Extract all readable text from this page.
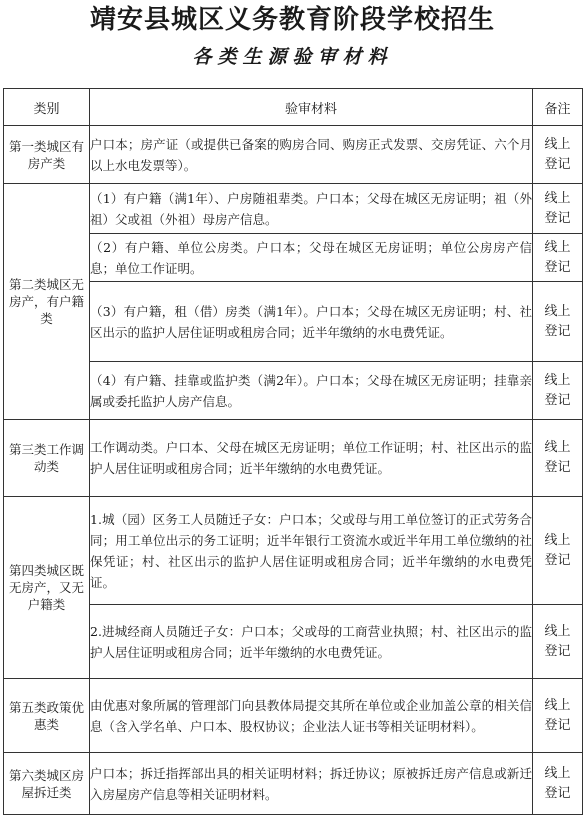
靖安县城区义务教育阶段学校招生
各类生源验审材料
类别	验审材料	备注
第一类城区有房产类	户口本；房产证（或提供已备案的购房合同、购房正式发票、交房凭证、六个月以上水电发票等）。	线上
登记

第二类城区无房产，有户籍类	（1）有户籍（满1年）、户房随祖辈类。户口本；父母在城区无房证明；祖（外祖）父或祖（外祖）母房产信息。	线上
登记

	（2）有户籍、单位公房类。户口本；父母在城区无房证明；单位公房房产信息；单位工作证明。	线上
登记

	（3）有户籍，租（借）房类（满1年）。户口本；父母在城区无房证明；村、社区出示的监护人居住证明或租房合同；近半年缴纳的水电费凭证。	线上
登记

	（4）有户籍、挂靠或监护类（满2年）。户口本；父母在城区无房证明；挂靠亲属或委托监护人房产信息。	线上
登记

第三类工作调动类	工作调动类。户口本、父母在城区无房证明；单位工作证明；村、社区出示的监护人居住证明或租房合同；近半年缴纳的水电费凭证。	线上
登记

第四类城区既无房产，又无户籍类	1.城（园）区务工人员随迁子女：户口本；父或母与用工单位签订的正式劳务合同；用工单位出示的务工证明；近半年银行工资流水或近半年用工单位缴纳的社保凭证；村、社区出示的监护人居住证明或租房合同；近半年缴纳的水电费凭证。	线上
登记

	2.进城经商人员随迁子女：户口本；父或母的工商营业执照；村、社区出示的监护人居住证明或租房合同；近半年缴纳的水电费凭证。	线上
登记

第五类政策优惠类	由优惠对象所属的管理部门向县教体局提交其所在单位或企业加盖公章的相关信息（含入学名单、户口本、股权协议；企业法人证书等相关证明材料）。	线上
登记

第六类城区房屋拆迁类	户口本；拆迁指挥部出具的相关证明材料；拆迁协议；原被拆迁房产信息或新迁入房屋房产信息等相关证明材料。	线上
登记
